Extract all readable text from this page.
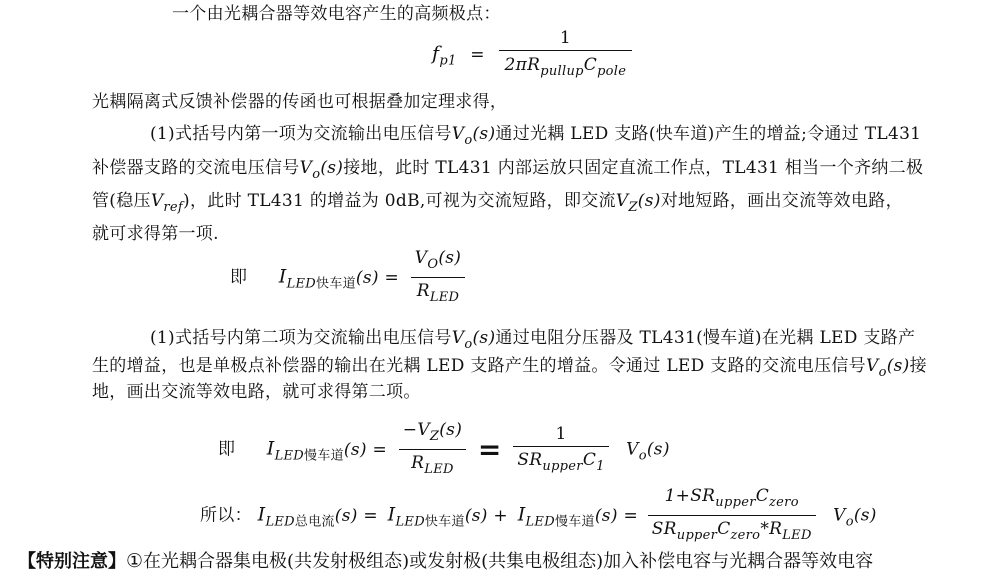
一个由光耦合器等效电容产生的高频极点：
$f_{p1} = \frac{1}{2\pi R_{pullup}C_{pole}}$
光耦隔离式反馈补偿器的传函也可根据叠加定理求得，
(1)式括号内第一项为交流输出电压信号$V_o(s)$通过光耦 LED 支路(快车道)产生的增益;令通过 TL431
补偿器支路的交流电压信号$V_o(s)$接地，此时 TL431 内部运放只固定直流工作点，TL431 相当一个齐纳二极
管(稳压$V_{ref}$)，此时 TL431 的增益为 0dB,可视为交流短路，即交流$V_Z(s)$对地短路，画出交流等效电路，
就可求得第一项.
即 $I_{LED快车道}(s) = \frac{V_O(s)}{R_{LED}}$
(1)式括号内第二项为交流输出电压信号$V_o(s)$通过电阻分压器及 TL431(慢车道)在光耦 LED 支路产
生的增益，也是单极点补偿器的输出在光耦 LED 支路产生的增益。令通过 LED 支路的交流电压信号$V_o(s)$接
地，画出交流等效电路，就可求得第二项。
即 $I_{LED慢车道}(s) = \frac{-V_Z(s)}{R_{LED}} = \frac{1}{SR_{upper}C_1} V_o(s)$
所以： $I_{LED总电流}(s) = I_{LED快车道}(s) + I_{LED慢车道}(s) = \frac{1+SR_{upper}C_{zero}}{SR_{upper}C_{zero}*R_{LED}} V_o(s)$
【特别注意】①在光耦合器集电极(共发射极组态)或发射极(共集电极组态)加入补偿电容与光耦合器等效电容
